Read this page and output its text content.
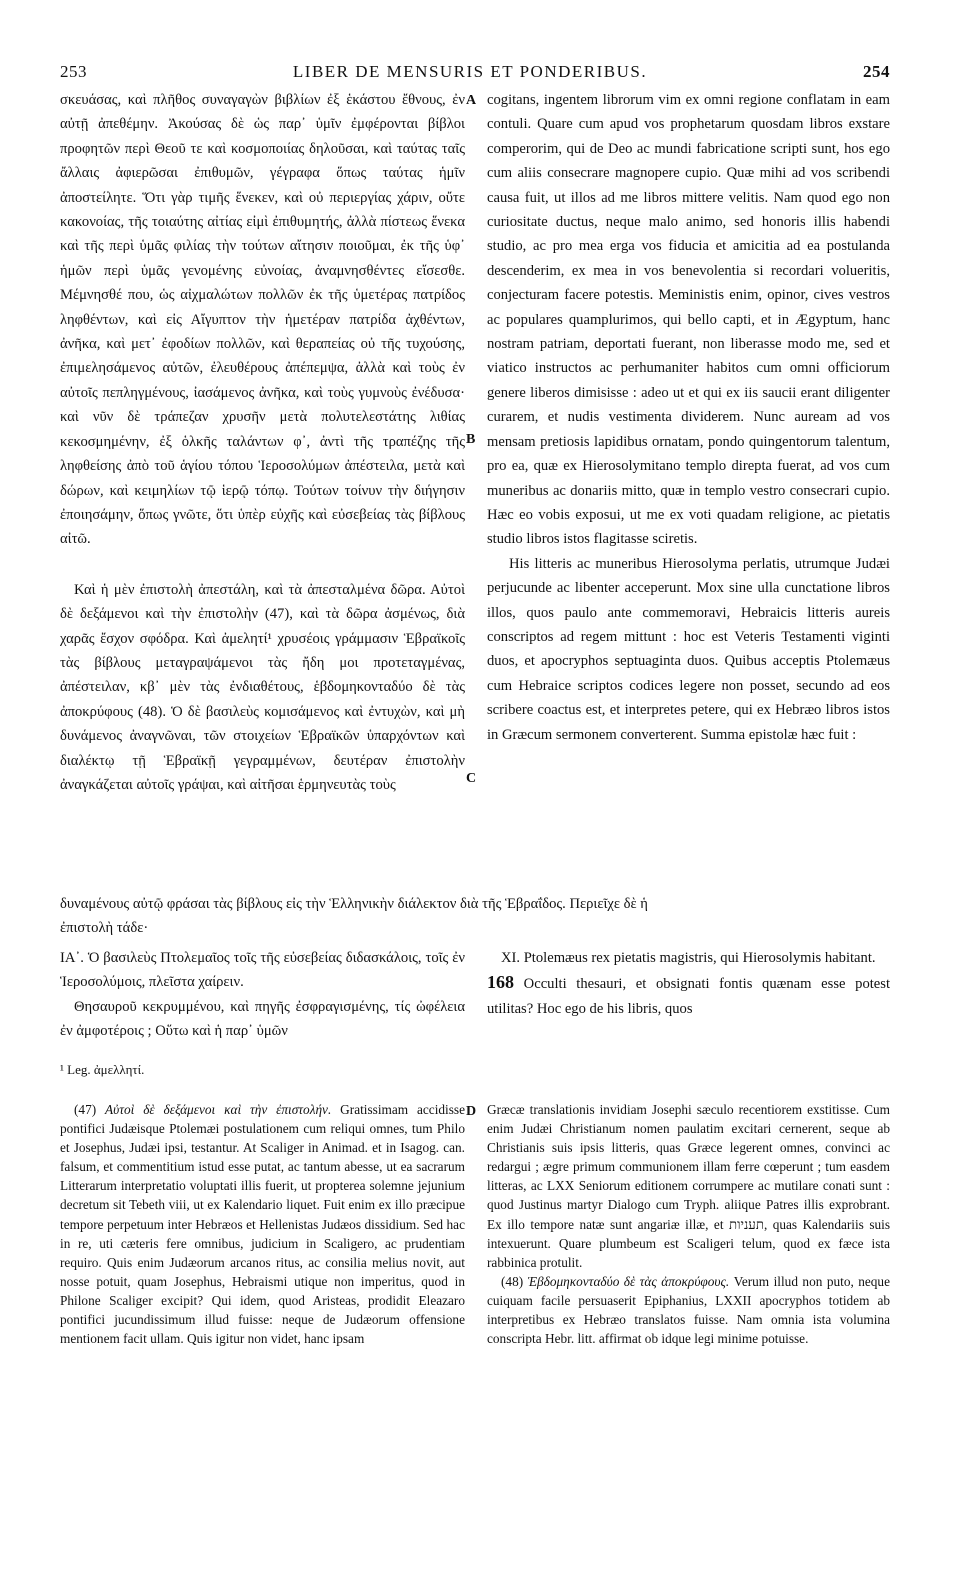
253	LIBER DE MENSURIS ET PONDERIBUS.	254
A
B
C
D

σκευάσας, καὶ πλῆθος συναγαγὼν βιβλίων ἐξ ἑκάστου ἔθνους, ἐν αὐτῇ ἀπεθέμην. Ἀκούσας δὲ ὡς παρ᾽ ὑμῖν ἐμφέρονται βίβλοι προφητῶν περὶ Θεοῦ τε καὶ κοσμοποιίας δηλοῦσαι, καὶ ταύτας ταῖς ἄλλαις ἀφιερῶσαι ἐπιθυμῶν, γέγραφα ὅπως ταύτας ἡμῖν ἀποστείλητε. Ὅτι γὰρ τιμῆς ἕνεκεν, καὶ οὐ περιεργίας χάριν, οὔτε κακονοίας, τῆς τοιαύτης αἰτίας εἰμὶ ἐπιθυμητής, ἀλλὰ πίστεως ἕνεκα καὶ τῆς περὶ ὑμᾶς φιλίας τὴν τούτων αἴτησιν ποιοῦμαι, ἐκ τῆς ὑφ᾽ ἡμῶν περὶ ὑμᾶς γενομένης εὐνοίας, ἀναμνησθέντες εἴσεσθε. Μέμνησθέ που, ὡς αἰχμαλώτων πολλῶν ἐκ τῆς ὑμετέρας πατρίδος ληφθέντων, καὶ εἰς Αἴγυπτον τὴν ἡμετέραν πατρίδα ἀχθέντων, ἀνῆκα, καὶ μετ᾽ ἐφοδίων πολλῶν, καὶ θεραπείας οὐ τῆς τυχούσης, ἐπιμελησάμενος αὐτῶν, ἐλευθέρους ἀπέπεμψα, ἀλλὰ καὶ τοὺς ἐν αὐτοῖς πεπληγμένους, ἰασάμενος ἀνῆκα, καὶ τοὺς γυμνοὺς ἐνέδυσα· καὶ νῦν δὲ τράπεζαν χρυσῆν μετὰ πολυτελεστάτης λιθίας κεκοσμημένην, ἐξ ὁλκῆς ταλάντων φ᾽, ἀντὶ τῆς τραπέζης τῆς ληφθείσης ἀπὸ τοῦ ἁγίου τόπου Ἱεροσολύμων ἀπέστειλα, μετὰ καὶ δώρων, καὶ κειμηλίων τῷ ἱερῷ τόπῳ. Τούτων τοίνυν τὴν διήγησιν ἐποιησάμην, ὅπως γνῶτε, ὅτι ὑπὲρ εὐχῆς καὶ εὐσεβείας τὰς βίβλους αἰτῶ.

Καὶ ἡ μὲν ἐπιστολὴ ἀπεστάλη, καὶ τὰ ἀπεσταλμένα δῶρα. Αὐτοὶ δὲ δεξάμενοι καὶ τὴν ἐπιστολὴν (47), καὶ τὰ δῶρα ἀσμένως, διὰ χαρᾶς ἔσχον σφόδρα. Καὶ ἀμελητί¹ χρυσέοις γράμμασιν Ἑβραϊκοῖς τὰς βίβλους μεταγραψάμενοι τὰς ἤδη μοι προτεταγμένας, ἀπέστειλαν, κβ᾽ μὲν τὰς ἐνδιαθέτους, ἑβδομηκονταδύο δὲ τὰς ἀποκρύφους (48). Ὁ δὲ βασιλεὺς κομισάμενος καὶ ἐντυχὼν, καὶ μὴ δυνάμενος ἀναγνῶναι, τῶν στοιχείων Ἑβραϊκῶν ὑπαρχόντων καὶ διαλέκτῳ τῇ Ἑβραϊκῇ γεγραμμένων, δευτέραν ἐπιστολὴν ἀναγκάζεται αὐτοῖς γράψαι, καὶ αἰτῆσαι ἑρμηνευτὰς τοὺς

cogitans, ingentem librorum vim ex omni regione conflatam in eam contuli. Quare cum apud vos prophetarum quosdam libros exstare comperorim, qui de Deo ac mundi fabricatione scripti sunt, hos ego cum aliis consecrare magnopere cupio. Quæ mihi ad vos scribendi causa fuit, ut illos ad me libros mittere velitis. Nam quod ego non curiositate ductus, neque malo animo, sed honoris illis habendi studio, ac pro mea erga vos fiducia et amicitia ad ea postulanda descenderim, ex mea in vos benevolentia si recordari volueritis, conjecturam facere potestis. Meministis enim, opinor, cives vestros ac populares quamplurimos, qui bello capti, et in Ægyptum, hanc nostram patriam, deportati fuerant, non liberasse modo me, sed et viatico instructos ac perhumaniter habitos cum omni officiorum genere liberos dimisisse : adeo ut et qui ex iis saucii erant diligenter curarem, et nudis vestimenta dividerem. Nunc auream ad vos mensam pretiosis lapidibus ornatam, pondo quingentorum talentum, pro ea, quæ ex Hierosolymitano templo direpta fuerat, ad vos cum muneribus ac donariis mitto, quæ in templo vestro consecrari cupio. Hæc eo vobis exposui, ut me ex voti quadam religione, ac pietatis studio libros istos flagitasse sciretis.

His litteris ac muneribus Hierosolyma perlatis, utrumque Judæi perjucunde ac libenter acceperunt. Mox sine ulla cunctatione libros illos, quos paulo ante commemoravi, Hebraicis litteris aureis conscriptos ad regem mittunt : hoc est Veteris Testamenti viginti duos, et apocryphos septuaginta duos. Quibus acceptis Ptolemæus cum Hebraice scriptos codices legere non posset, secundo ad eos scribere coactus est, et interpretes petere, qui ex Hebræo libros istos in Græcum sermonem converterent. Summa epistolæ hæc fuit :

δυναμένους αὐτῷ φράσαι τὰς βίβλους εἰς τὴν Ἑλληνικὴν διάλεκτον διὰ τῆς Ἑβραΐδος. Περιεῖχε δὲ ἡ

ἐπιστολὴ τάδε·

ΙΑ᾽. Ὁ βασιλεὺς Πτολεμαῖος τοῖς τῆς εὐσεβείας διδασκάλοις, τοῖς ἐν Ἱεροσολύμοις, πλεῖστα χαίρειν.

Θησαυροῦ κεκρυμμένου, καὶ πηγῆς ἐσφραγισμένης, τίς ὠφέλεια ἐν ἀμφοτέροις ; Οὕτω καὶ ἡ παρ᾽ ὑμῶν

XI. Ptolemæus rex pietatis magistris, qui Hierosolymis habitant.

168 Occulti thesauri, et obsignati fontis quænam esse potest utilitas? Hoc ego de his libris, quos

¹ Leg. ἀμελλητί.

(47) Αὐτοὶ δὲ δεξάμενοι καὶ τὴν ἐπιστολήν. Gratissimam accidisse pontifici Judæisque Ptolemæi postulationem cum reliqui omnes, tum Philo et Josephus, Judæi ipsi, testantur. At Scaliger in Animad. et in Isagog. can. falsum, et commentitium istud esse putat, ac tantum abesse, ut ea sacrarum Litterarum interpretatio voluptati illis fuerit, ut propterea solemne jejunium decretum sit Tebeth viii, ut ex Kalendario liquet. Fuit enim ex illo præcipue tempore perpetuum inter Hebræos et Hellenistas Judæos dissidium. Sed hac in re, uti cæteris fere omnibus, judicium in Scaligero, ac prudentiam requiro. Quis enim Judæorum arcanos ritus, ac consilia melius novit, aut nosse potuit, quam Josephus, Hebraismi utique non imperitus, quod in Philone Scaliger excipit? Qui idem, quod Aristeas, prodidit Eleazaro pontifici jucundissimum illud fuisse: neque de Judæorum offensione mentionem facit ullam. Quis igitur non videt, hanc ipsam

Græcæ translationis invidiam Josephi sæculo recentiorem exstitisse. Cum enim Judæi Christianum nomen paulatim excitari cernerent, seque ab Christianis suis ipsis litteris, quas Græce legerent omnes, convinci ac redargui ; ægre primum communionem illam ferre cœperunt ; tum easdem litteras, ac LXX Seniorum editionem corrumpere ac mutilare conati sunt : quod Justinus martyr Dialogo cum Tryph. aliique Patres illis exprobrant. Ex illo tempore natæ sunt angariæ illæ, et תעניות, quas Kalendariis suis intexuerunt. Quare plumbeum est Scaligeri telum, quod ex fæce ista rabbinica protulit.

(48) Ἑβδομηκονταδύο δὲ τὰς ἀποκρύφους. Verum illud non puto, neque cuiquam facile persuaserit Epiphanius, LXXII apocryphos totidem ab interpretibus ex Hebræo translatos fuisse. Nam omnia ista volumina conscripta Hebr. litt. affirmat ob idque legi minime potuisse.
